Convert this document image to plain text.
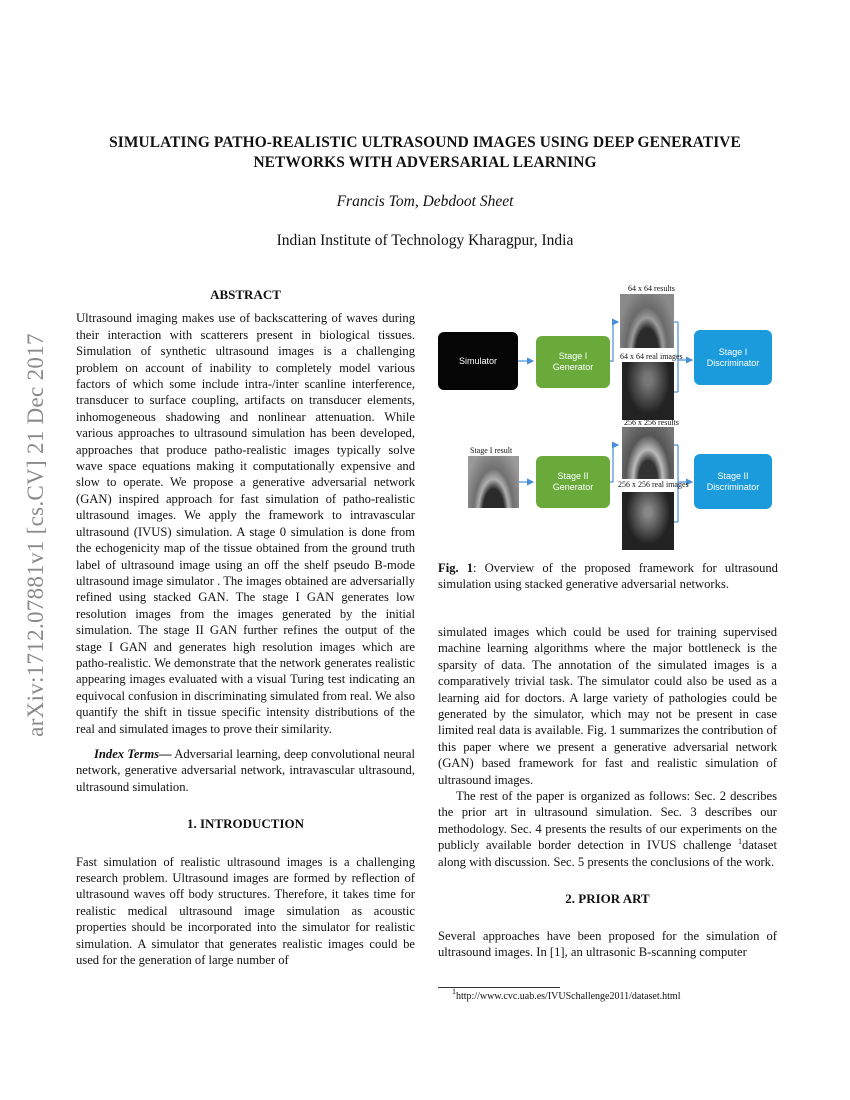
arXiv:1712.07881v1 [cs.CV] 21 Dec 2017
SIMULATING PATHO-REALISTIC ULTRASOUND IMAGES USING DEEP GENERATIVE
NETWORKS WITH ADVERSARIAL LEARNING
Francis Tom, Debdoot Sheet
Indian Institute of Technology Kharagpur, India
ABSTRACT

Ultrasound imaging makes use of backscattering of waves during their interaction with scatterers present in biological tissues. Simulation of synthetic ultrasound images is a challenging problem on account of inability to completely model various factors of which some include intra-/inter scanline interference, transducer to surface coupling, artifacts on transducer elements, inhomogeneous shadowing and nonlinear attenuation. While various approaches to ultrasound simulation has been developed, approaches that produce patho-realistic images typically solve wave space equations making it computationally expensive and slow to operate. We propose a generative adversarial network (GAN) inspired approach for fast simulation of patho-realistic ultrasound images. We apply the framework to intravascular ultrasound (IVUS) simulation. A stage 0 simulation is done from the echogenicity map of the tissue obtained from the ground truth label of ultrasound image using an off the shelf pseudo B-mode ultrasound image simulator . The images obtained are adversarially refined using stacked GAN. The stage I GAN generates low resolution images from the images generated by the initial simulation. The stage II GAN further refines the output of the stage I GAN and generates high resolution images which are patho-realistic. We demonstrate that the network generates realistic appearing images evaluated with a visual Turing test indicating an equivocal confusion in discriminating simulated from real. We also quantify the shift in tissue specific intensity distributions of the real and simulated images to prove their similarity.

Index Terms— Adversarial learning, deep convolutional neural network, generative adversarial network, intravascular ultrasound, ultrasound simulation.

1. INTRODUCTION

Fast simulation of realistic ultrasound images is a challenging research problem. Ultrasound images are formed by reflection of ultrasound waves off body structures. Therefore, it takes time for realistic medical ultrasound image simulation as acoustic properties should be incorporated into the simulator for realistic simulation. A simulator that generates realistic images could be used for the generation of large number of

Simulator	Stage I
Generator
Stage I
Discriminator
64 x 64 results
64 x 64 real images
Stage II
Generator
Stage II
Discriminator
Stage I result
256 x 256 results
256 x 256 real images
Fig. 1: Overview of the proposed framework for ultrasound simulation using stacked generative adversarial networks.

simulated images which could be used for training supervised machine learning algorithms where the major bottleneck is the sparsity of data. The annotation of the simulated images is a comparatively trivial task. The simulator could also be used as a learning aid for doctors. A large variety of pathologies could be generated by the simulator, which may not be present in case limited real data is available. Fig. 1 summarizes the contribution of this paper where we present a generative adversarial network (GAN) based framework for fast and realistic simulation of ultrasound images.

The rest of the paper is organized as follows: Sec. 2 describes the prior art in ultrasound simulation. Sec. 3 describes our methodology. Sec. 4 presents the results of our experiments on the publicly available border detection in IVUS challenge $^1$dataset along with discussion. Sec. 5 presents the conclusions of the work.

2. PRIOR ART

Several approaches have been proposed for the simulation of ultrasound images. In [1], an ultrasonic B-scanning computer

$^1$http://www.cvc.uab.es/IVUSchallenge2011/dataset.html
